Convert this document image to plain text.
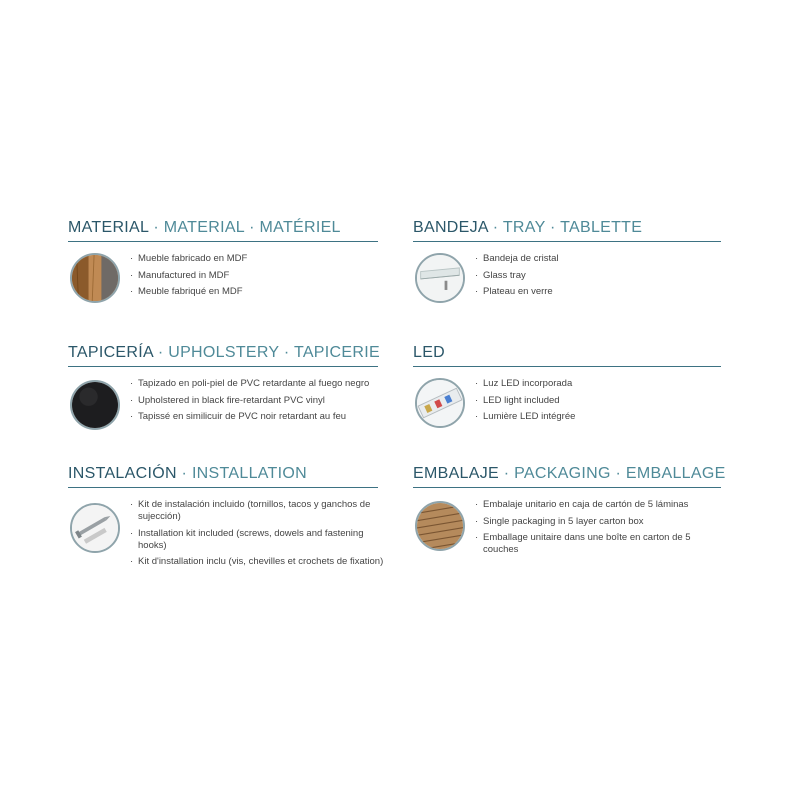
MATERIAL · MATERIAL · MATÉRIEL
· Mueble fabricado en MDF
· Manufactured in MDF
· Meuble fabriqué en MDF
BANDEJA · TRAY · TABLETTE
· Bandeja de cristal
· Glass tray
· Plateau en verre
TAPICERÍA · UPHOLSTERY · TAPICERIE
· Tapizado en poli-piel de PVC retardante al fuego negro
· Upholstered in black fire-retardant PVC vinyl
· Tapissé en similicuir de PVC noir retardant au feu
LED
· Luz LED incorporada
· LED light included
· Lumière LED intégrée
INSTALACIÓN · INSTALLATION
· Kit de instalación incluido (tornillos, tacos y ganchos de sujección)
· Installation kit included (screws, dowels and fastening hooks)
· Kit d'installation inclu (vis, chevilles et crochets de fixation)
EMBALAJE · PACKAGING · EMBALLAGE
· Embalaje unitario en caja de cartón de 5 láminas
· Single packaging in 5 layer carton box
· Emballage unitaire dans une boîte en carton de 5 couches
